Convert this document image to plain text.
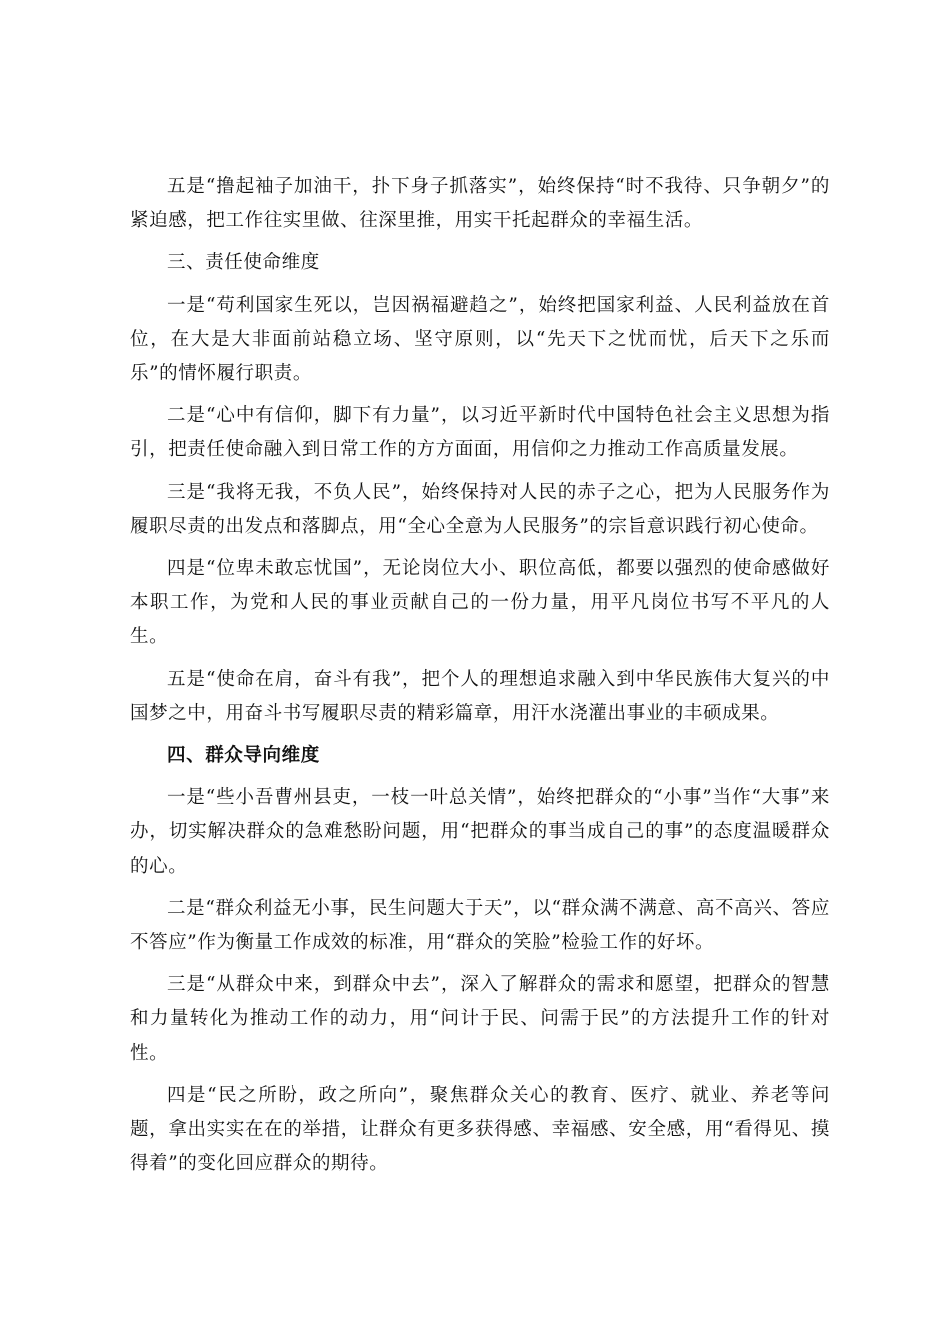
五是“撸起袖子加油干，扑下身子抓落实”，始终保持“时不我待、只争朝夕”的紧迫感，把工作往实里做、往深里推，用实干托起群众的幸福生活。

三、责任使命维度

一是“苟利国家生死以，岂因祸福避趋之”，始终把国家利益、人民利益放在首位，在大是大非面前站稳立场、坚守原则，以“先天下之忧而忧，后天下之乐而乐”的情怀履行职责。

二是“心中有信仰，脚下有力量”，以习近平新时代中国特色社会主义思想为指引，把责任使命融入到日常工作的方方面面，用信仰之力推动工作高质量发展。

三是“我将无我，不负人民”，始终保持对人民的赤子之心，把为人民服务作为履职尽责的出发点和落脚点，用“全心全意为人民服务”的宗旨意识践行初心使命。

四是“位卑未敢忘忧国”，无论岗位大小、职位高低，都要以强烈的使命感做好本职工作，为党和人民的事业贡献自己的一份力量，用平凡岗位书写不平凡的人生。

五是“使命在肩，奋斗有我”，把个人的理想追求融入到中华民族伟大复兴的中国梦之中，用奋斗书写履职尽责的精彩篇章，用汗水浇灌出事业的丰硕成果。

四、群众导向维度

一是“些小吾曹州县吏，一枝一叶总关情”，始终把群众的“小事”当作“大事”来办，切实解决群众的急难愁盼问题，用“把群众的事当成自己的事”的态度温暖群众的心。

二是“群众利益无小事，民生问题大于天”，以“群众满不满意、高不高兴、答应不答应”作为衡量工作成效的标准，用“群众的笑脸”检验工作的好坏。

三是“从群众中来，到群众中去”，深入了解群众的需求和愿望，把群众的智慧和力量转化为推动工作的动力，用“问计于民、问需于民”的方法提升工作的针对性。

四是“民之所盼，政之所向”，聚焦群众关心的教育、医疗、就业、养老等问题，拿出实实在在的举措，让群众有更多获得感、幸福感、安全感，用“看得见、摸得着”的变化回应群众的期待。
